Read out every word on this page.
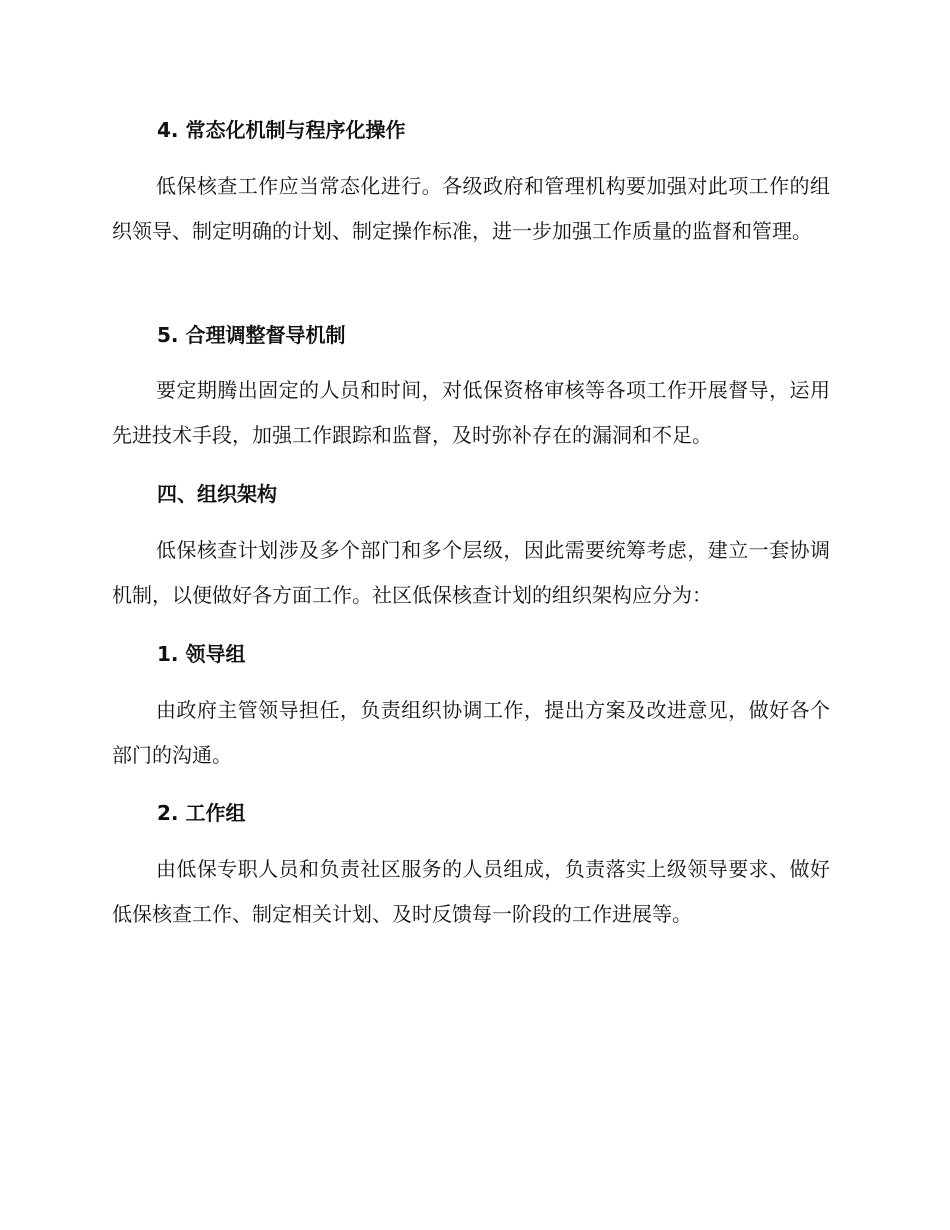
4. 常态化机制与程序化操作

低保核查工作应当常态化进行。各级政府和管理机构要加强对此项工作的组织领导、制定明确的计划、制定操作标准，进一步加强工作质量的监督和管理。

5. 合理调整督导机制

要定期腾出固定的人员和时间，对低保资格审核等各项工作开展督导，运用先进技术手段，加强工作跟踪和监督，及时弥补存在的漏洞和不足。

四、组织架构

低保核查计划涉及多个部门和多个层级，因此需要统筹考虑，建立一套协调机制，以便做好各方面工作。社区低保核查计划的组织架构应分为：

1. 领导组

由政府主管领导担任，负责组织协调工作，提出方案及改进意见，做好各个部门的沟通。

2. 工作组

由低保专职人员和负责社区服务的人员组成，负责落实上级领导要求、做好低保核查工作、制定相关计划、及时反馈每一阶段的工作进展等。
